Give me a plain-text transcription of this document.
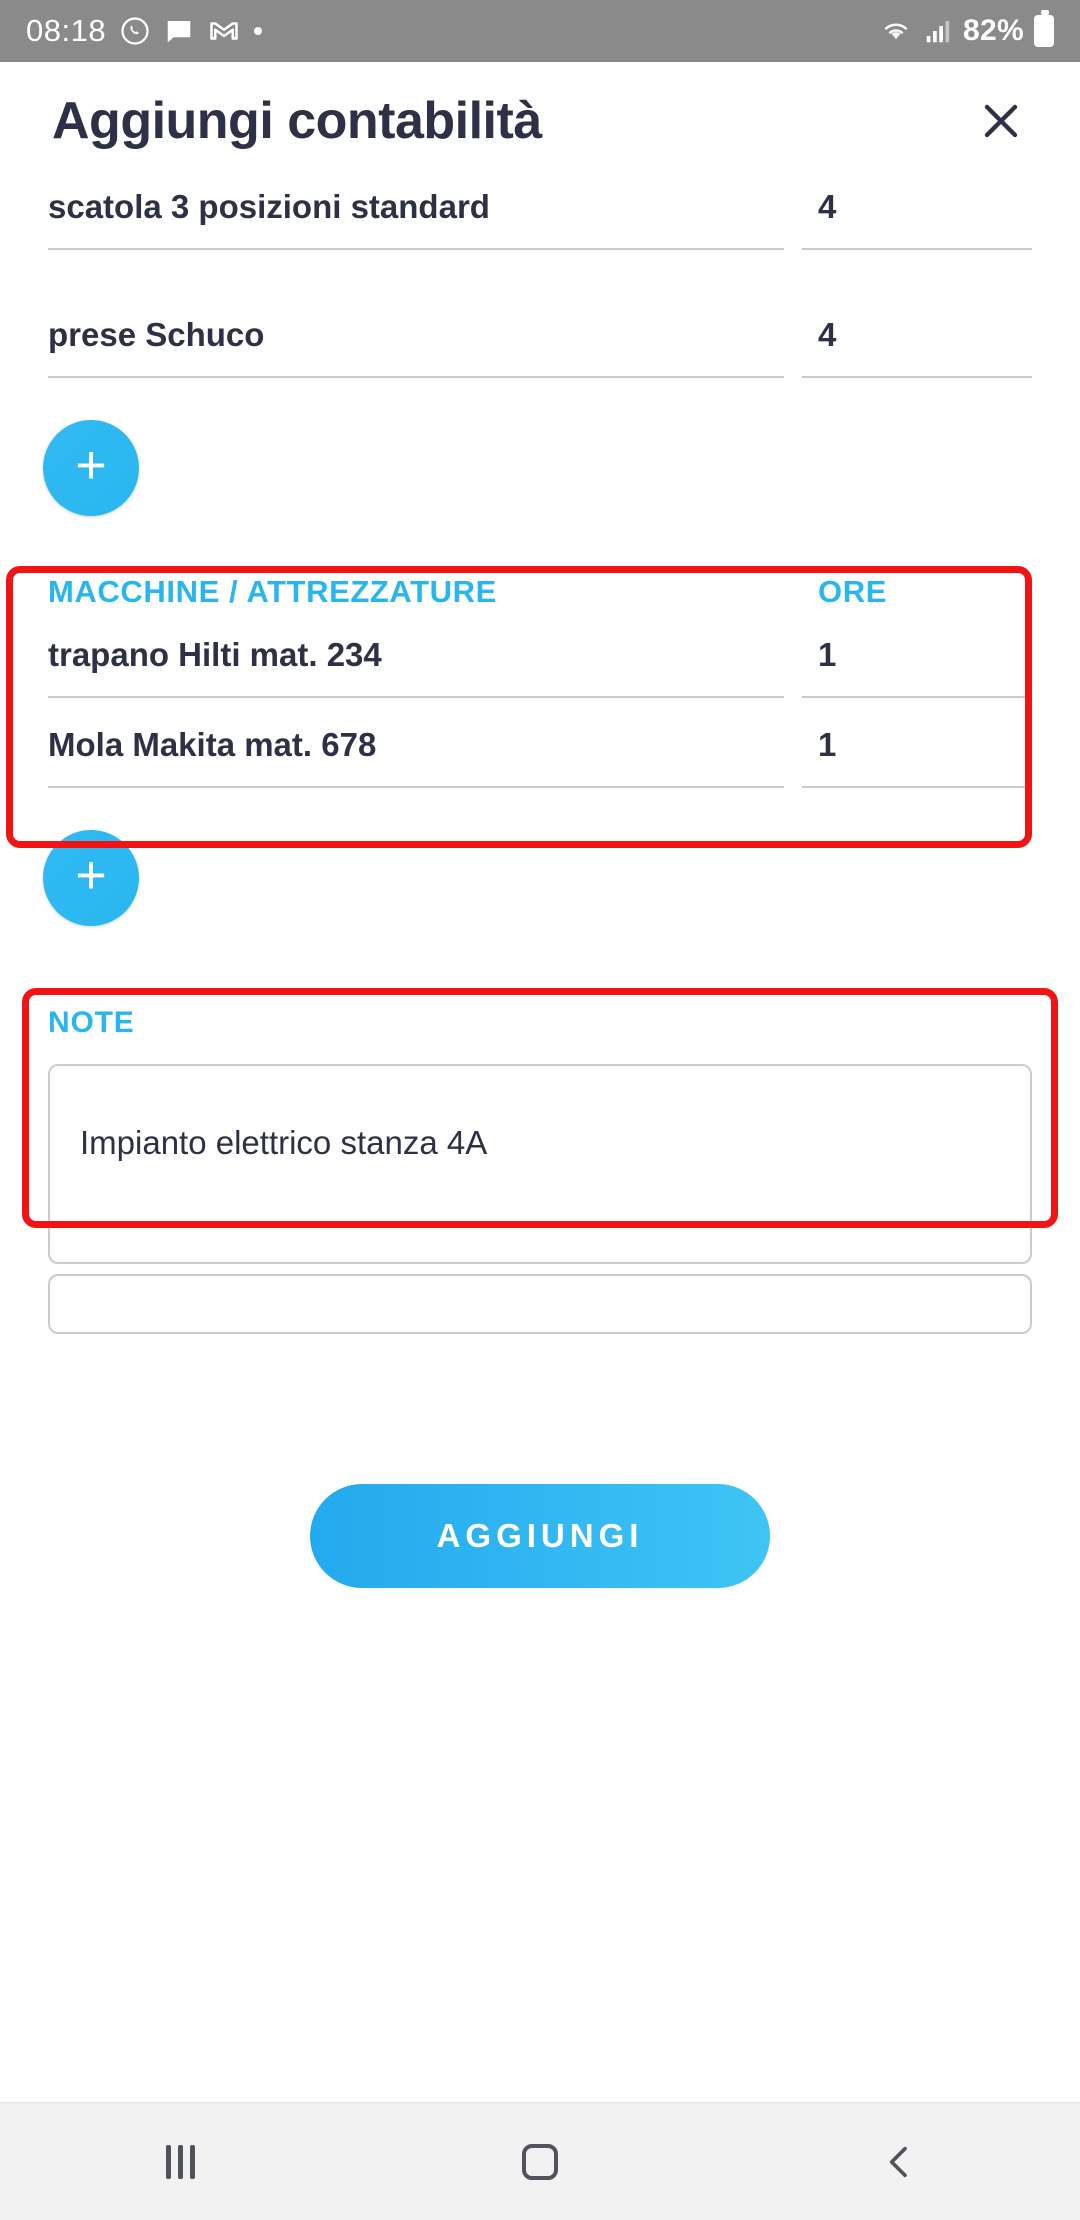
08:18	82%
Aggiungi contabilità
scatola 3 posizioni standard	4
prese Schuco	4
+
MACCHINE / ATTREZZATURE	ORE
trapano Hilti mat. 234	1
Mola Makita mat. 678	1
+
NOTE
Impianto elettrico stanza 4A
AGGIUNGI
